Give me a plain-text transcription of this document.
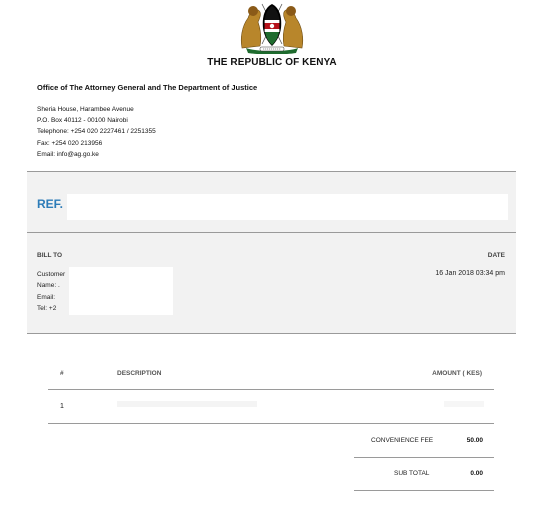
THE REPUBLIC OF KENYA
Office of The Attorney General and The Department of Justice
Sheria House, Harambee Avenue
P.O. Box 40112 - 00100 Nairobi
Telephone: +254 020 2227461 / 2251355
Fax: +254 020 213956
Email: info@ag.go.ke
REF.
BILL TO	DATE
16 Jan 2018 03:34 pm
Customer
Name: .
Email:
Tel: +2
#	DESCRIPTION	AMOUNT ( KES)
1
CONVENIENCE FEE	50.00
SUB TOTAL	0.00
